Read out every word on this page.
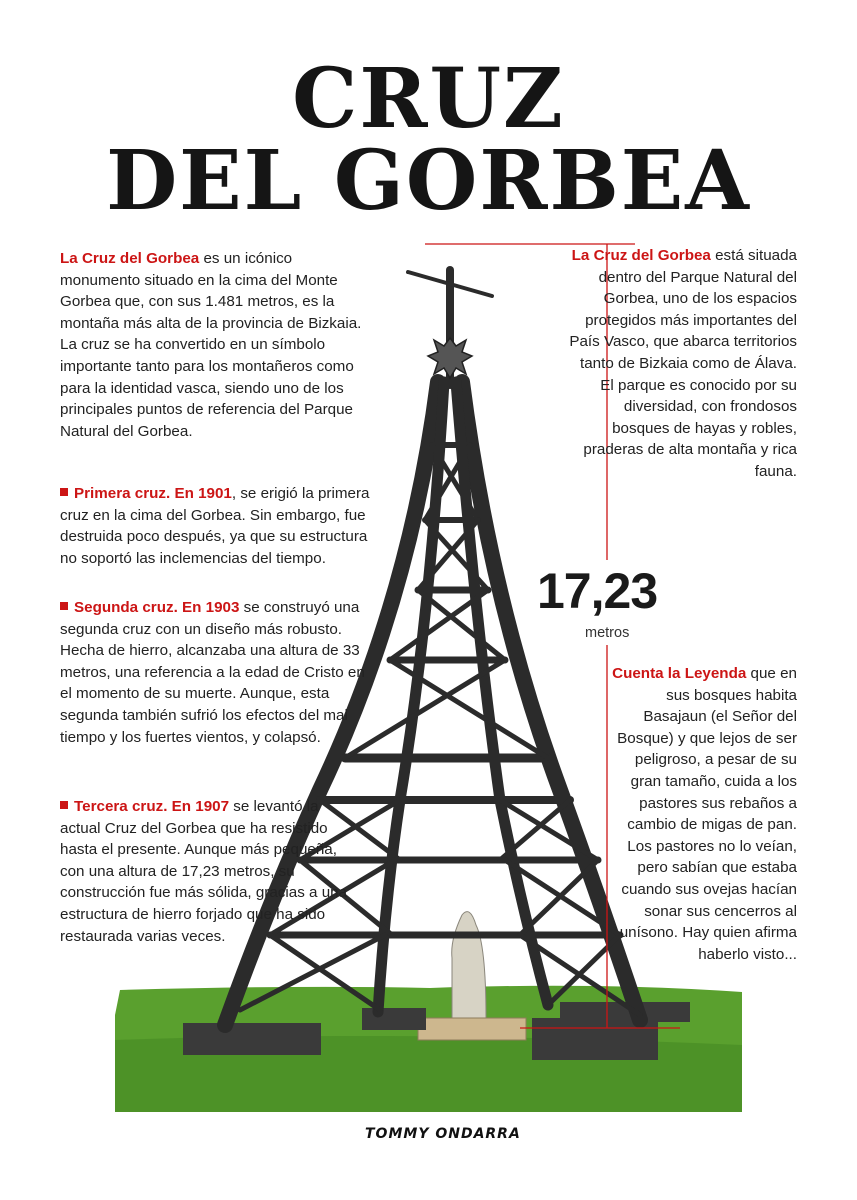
CRUZ
DEL GORBEA
La Cruz del Gorbea es un icónico monumento situado en la cima del Monte Gorbea que, con sus 1.481 metros, es la montaña más alta de la provincia de Bizkaia. La cruz se ha convertido en un símbolo importante tanto para los montañeros como para la identidad vasca, siendo uno de los principales puntos de referencia del Parque Natural del Gorbea.
Primera cruz. En 1901, se erigió la primera cruz en la cima del Gorbea. Sin embargo, fue destruida poco después, ya que su estructura no soportó las inclemencias del tiempo.
Segunda cruz. En 1903 se construyó una segunda cruz con un diseño más robusto. Hecha de hierro, alcanzaba una altura de 33 metros, una referencia a la edad de Cristo en el momento de su muerte. Aunque, esta segunda también sufrió los efectos del mal tiempo y los fuertes vientos, y colapsó.
Tercera cruz. En 1907 se levantó la actual Cruz del Gorbea que ha resistido hasta el presente. Aunque más pequeña, con una altura de 17,23 metros, su construcción fue más sólida, gracias a una estructura de hierro forjado que ha sido restaurada varias veces.
La Cruz del Gorbea está situada dentro del Parque Natural del Gorbea, uno de los espacios protegidos más importantes del País Vasco, que abarca territorios tanto de Bizkaia como de Álava. El parque es conocido por su diversidad, con frondosos bosques de hayas y robles, praderas de alta montaña y rica fauna.
17,23
metros
Cuenta la Leyenda que en sus bosques habita Basajaun (el Señor del Bosque) y que lejos de ser peligroso, a pesar de su gran tamaño, cuida a los pastores sus rebaños a cambio de migas de pan. Los pastores no lo veían, pero sabían que estaba cuando sus ovejas hacían sonar sus cencerros al unísono. Hay quien afirma haberlo visto...
TOMMY ONDARRA
